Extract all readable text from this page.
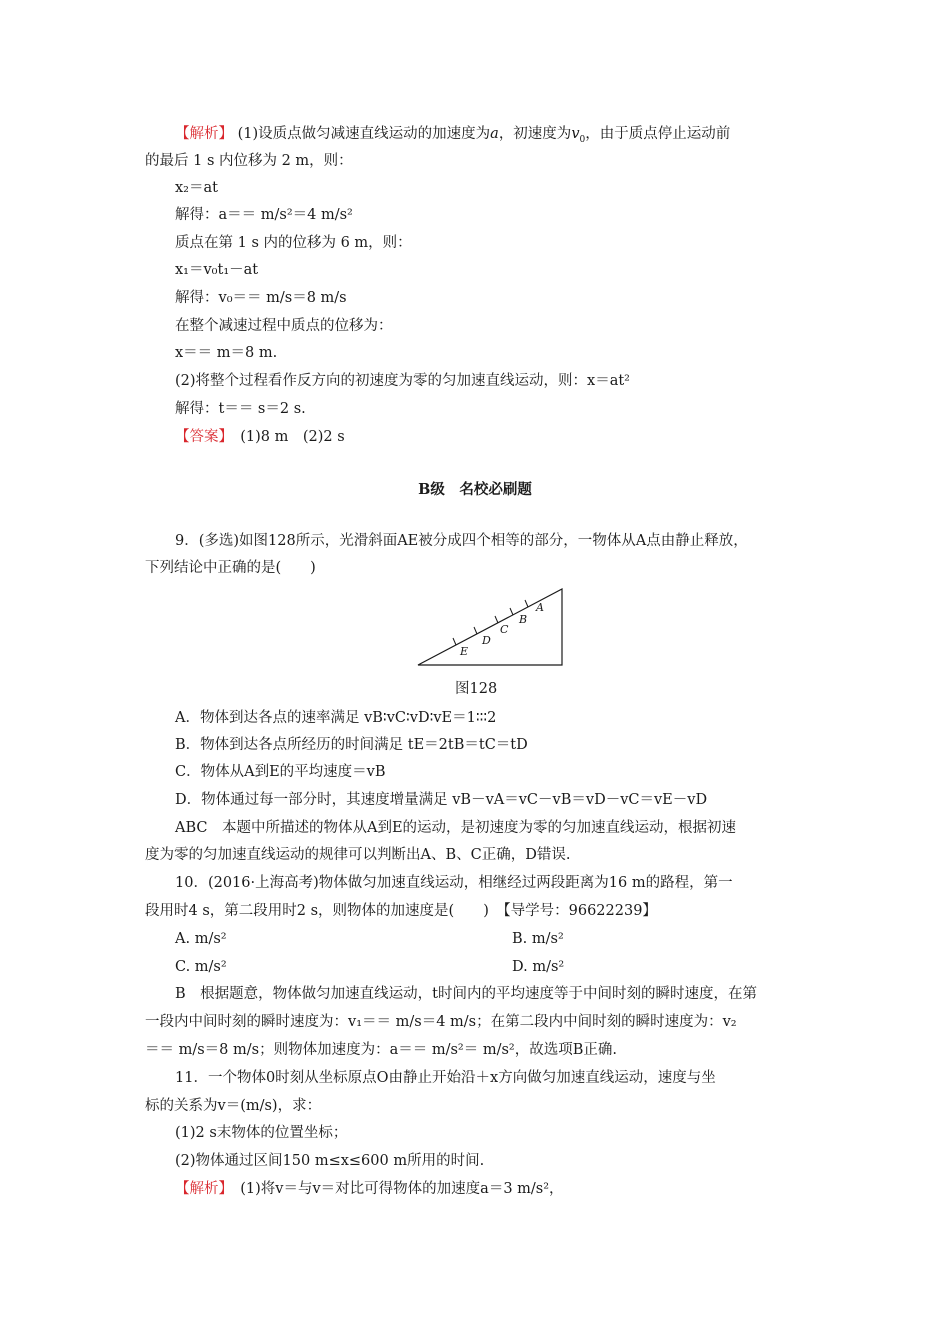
【解析】 (1)设质点做匀减速直线运动的加速度为a，初速度为$v_0$，由于质点停止运动前
的最后 1 s 内位移为 2 m，则：
x₂＝at
解得：a＝＝ m/s²＝4 m/s²
质点在第 1 s 内的位移为 6 m，则：
x₁＝v₀t₁－at
解得：v₀＝＝ m/s＝8 m/s
在整个减速过程中质点的位移为：
x＝＝ m＝8 m.
(2)将整个过程看作反方向的初速度为零的匀加速直线运动，则：x＝at²
解得：t＝＝ s＝2 s.
【答案】　 (1)8 m　(2)2 s
B级　名校必刷题
9．(多选)如图128所示，光滑斜面AE被分成四个相等的部分，一物体从A点由静止释放，
下列结论中正确的是(　　)
A
B
C
D
E
图128
A．物体到达各点的速率满足 vB∶vC∶vD∶vE＝1∶∶∶2
B．物体到达各点所经历的时间满足 tE＝2tB＝tC＝tD
C．物体从A到E的平均速度＝vB
D．物体通过每一部分时，其速度增量满足 vB－vA＝vC－vB＝vD－vC＝vE－vD
ABC　本题中所描述的物体从A到E的运动，是初速度为零的匀加速直线运动，根据初速
度为零的匀加速直线运动的规律可以判断出A、B、C正确，D错误.
10．(2016·上海高考)物体做匀加速直线运动，相继经过两段距离为16 m的路程，第一
段用时4 s，第二段用时2 s，则物体的加速度是(　　)　【导学号：96622239】
A. m/s²	B. m/s²
C. m/s²	D. m/s²
B　根据题意，物体做匀加速直线运动，t时间内的平均速度等于中间时刻的瞬时速度，在第
一段内中间时刻的瞬时速度为：v₁＝＝ m/s＝4 m/s；在第二段内中间时刻的瞬时速度为：v₂
＝＝ m/s＝8 m/s；则物体加速度为：a＝＝ m/s²＝ m/s²，故选项B正确.
11．一个物体0时刻从坐标原点O由静止开始沿＋x方向做匀加速直线运动，速度与坐
标的关系为v＝(m/s)，求：
(1)2 s末物体的位置坐标；
(2)物体通过区间150 m≤x≤600 m所用的时间.
【解析】　 (1)将v＝与v＝对比可得物体的加速度a＝3 m/s²，
